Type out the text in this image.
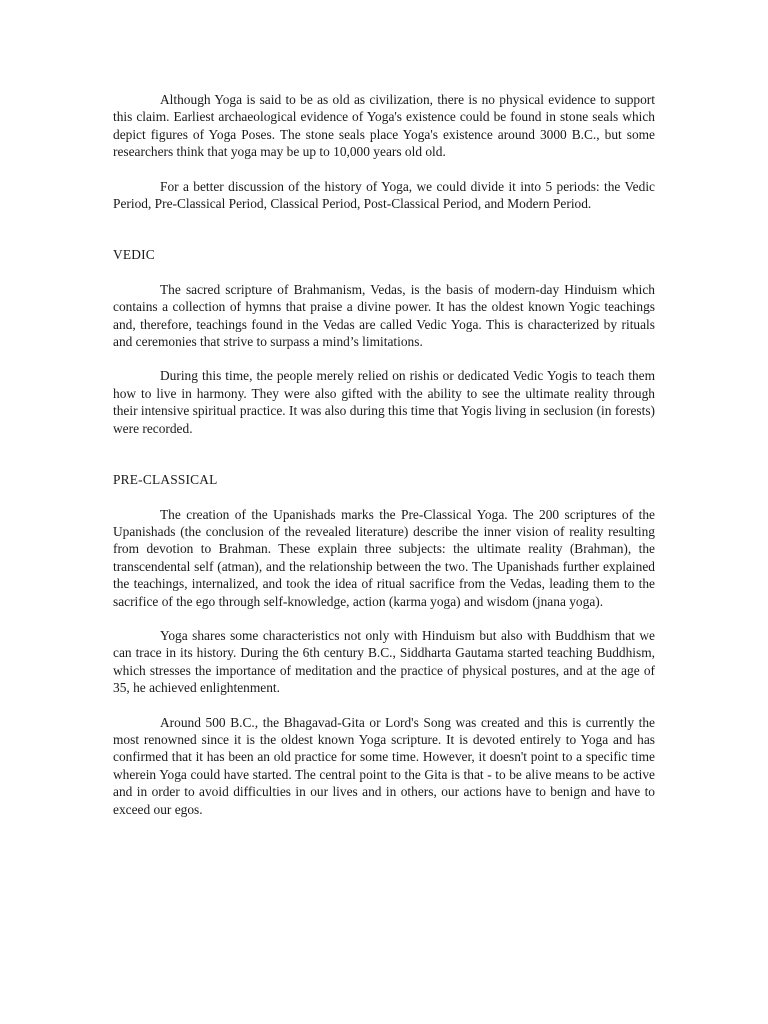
Although Yoga is said to be as old as civilization, there is no physical evidence to support this claim. Earliest archaeological evidence of Yoga's existence could be found in stone seals which depict figures of Yoga Poses. The stone seals place Yoga's existence around 3000 B.C., but some researchers think that yoga may be up to 10,000 years old old.

For a better discussion of the history of Yoga, we could divide it into 5 periods: the Vedic Period, Pre-Classical Period, Classical Period, Post-Classical Period, and Modern Period.

VEDIC

The sacred scripture of Brahmanism, Vedas, is the basis of modern-day Hinduism which contains a collection of hymns that praise a divine power. It has the oldest known Yogic teachings and, therefore, teachings found in the Vedas are called Vedic Yoga. This is characterized by rituals and ceremonies that strive to surpass a mind’s limitations.

During this time, the people merely relied on rishis or dedicated Vedic Yogis to teach them how to live in harmony. They were also gifted with the ability to see the ultimate reality through their intensive spiritual practice. It was also during this time that Yogis living in seclusion (in forests) were recorded.

PRE-CLASSICAL

The creation of the Upanishads marks the Pre-Classical Yoga. The 200 scriptures of the Upanishads (the conclusion of the revealed literature) describe the inner vision of reality resulting from devotion to Brahman. These explain three subjects: the ultimate reality (Brahman), the transcendental self (atman), and the relationship between the two. The Upanishads further explained the teachings, internalized, and took the idea of ritual sacrifice from the Vedas, leading them to the sacrifice of the ego through self-knowledge, action (karma yoga) and wisdom (jnana yoga).

Yoga shares some characteristics not only with Hinduism but also with Buddhism that we can trace in its history. During the 6th century B.C., Siddharta Gautama started teaching Buddhism, which stresses the importance of meditation and the practice of physical postures, and at the age of 35, he achieved enlightenment.

Around 500 B.C., the Bhagavad-Gita or Lord's Song was created and this is currently the most renowned since it is the oldest known Yoga scripture. It is devoted entirely to Yoga and has confirmed that it has been an old practice for some time. However, it doesn't point to a specific time wherein Yoga could have started. The central point to the Gita is that - to be alive means to be active and in order to avoid difficulties in our lives and in others, our actions have to benign and have to exceed our egos.
